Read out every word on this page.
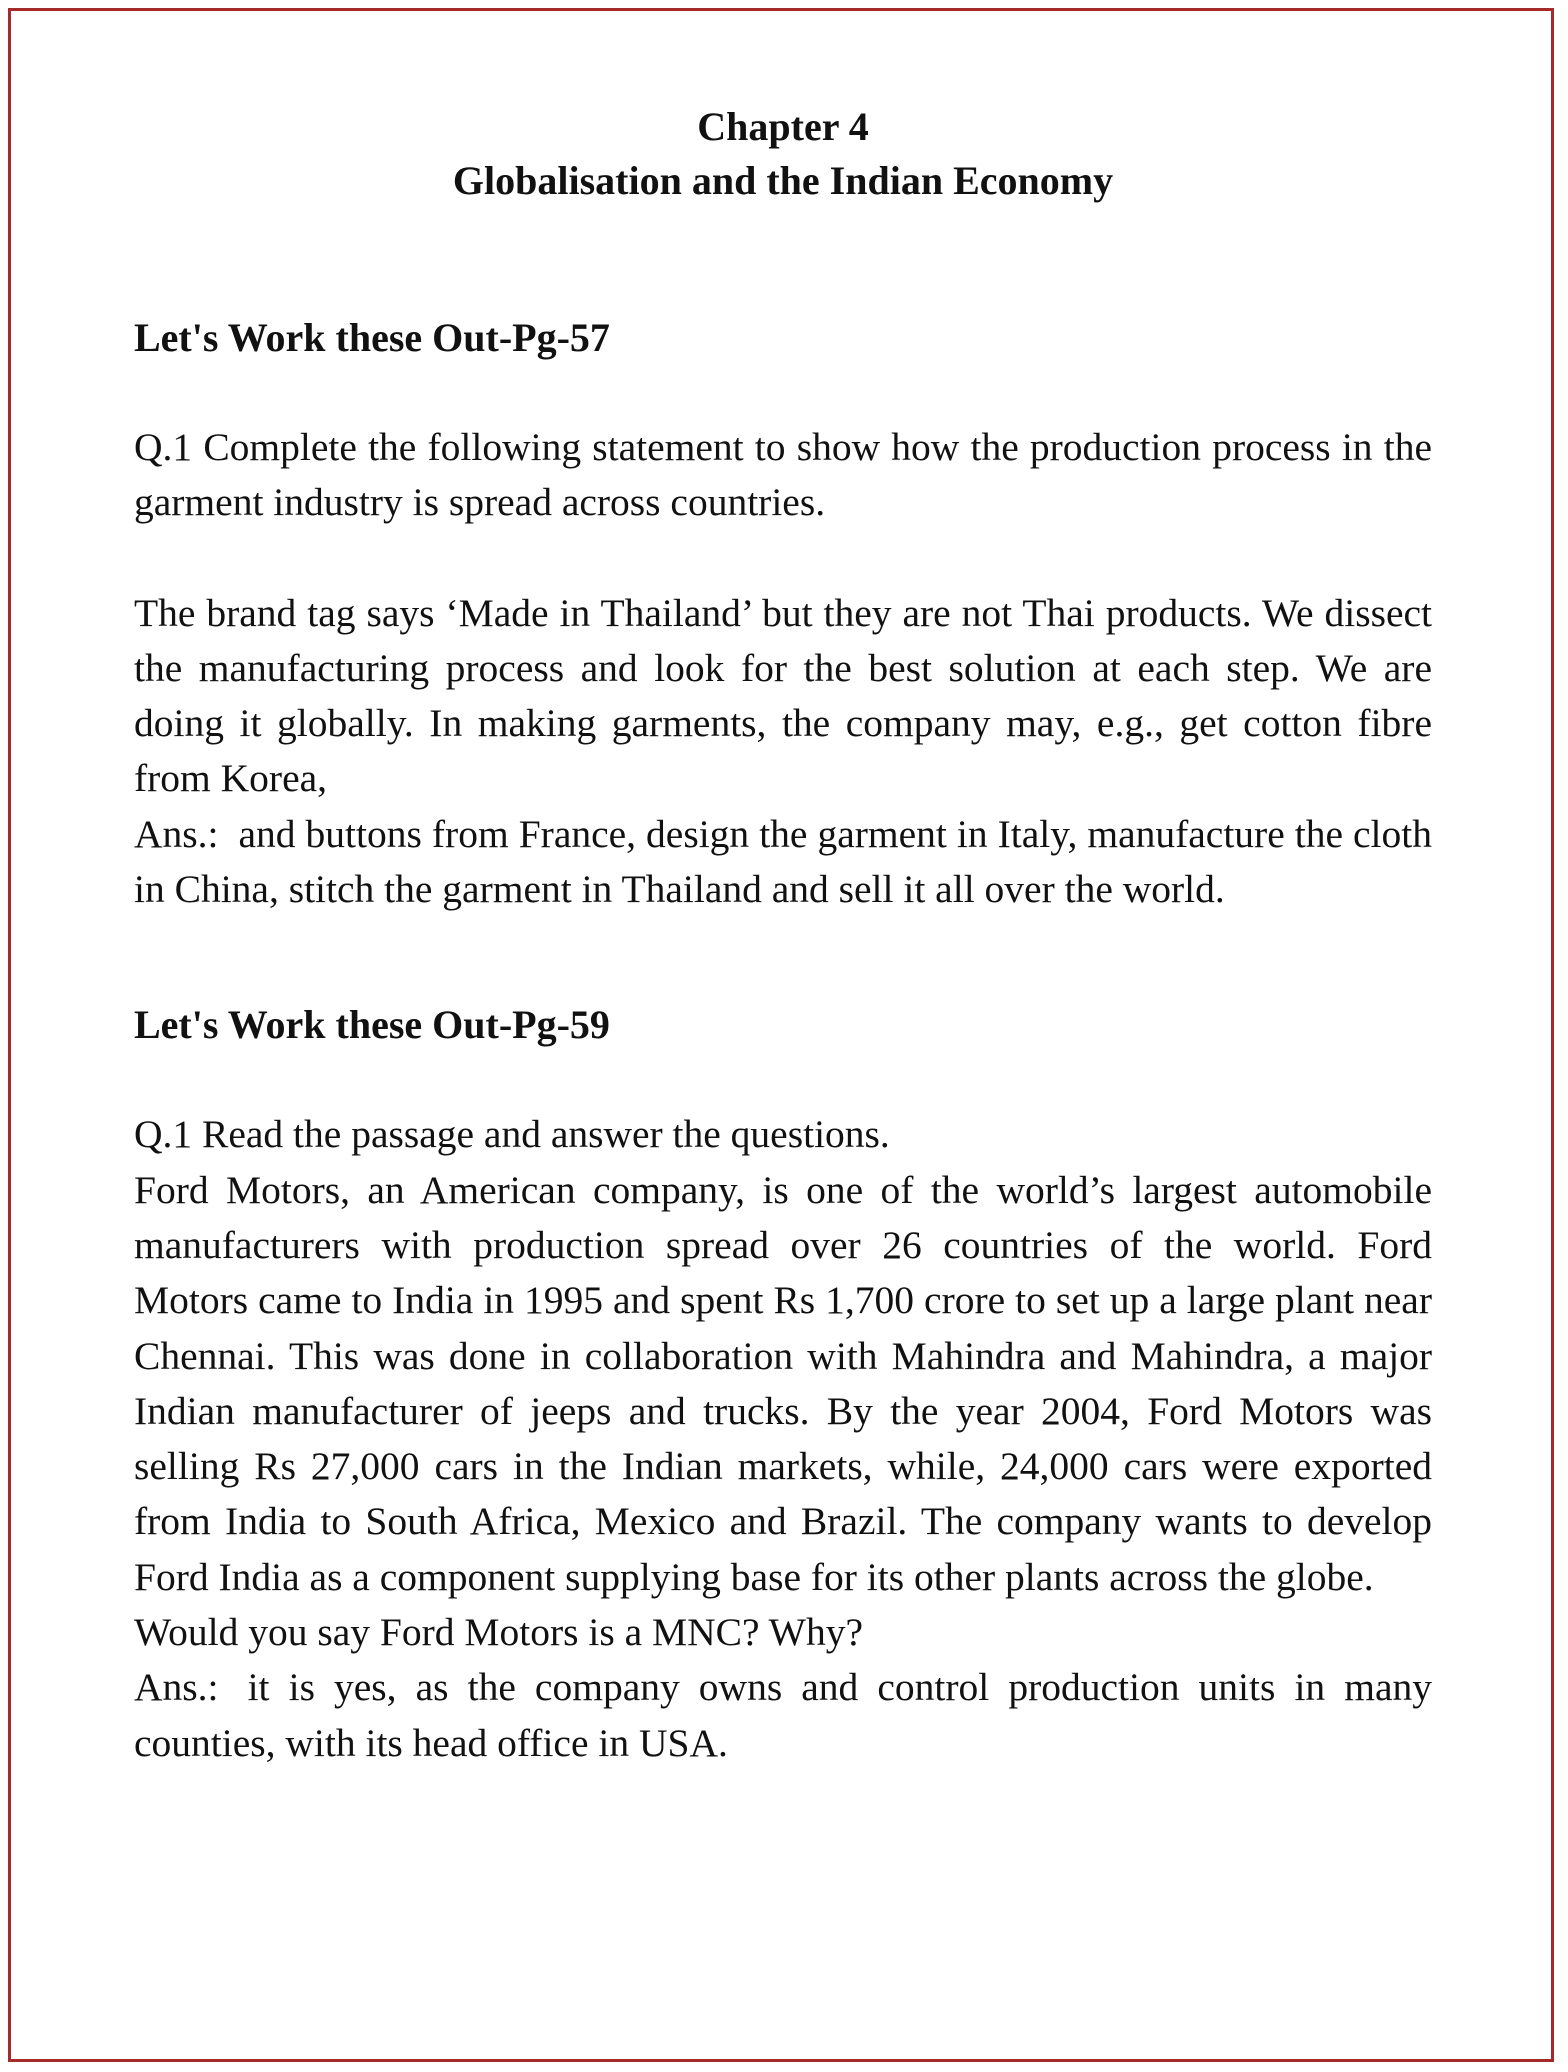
Chapter 4
Globalisation and the Indian Economy
Let's Work these Out-Pg-57

Q.1 Complete the following statement to show how the production process in the garment industry is spread across countries.

The brand tag says ‘Made in Thailand’ but they are not Thai products. We dissect the manufacturing process and look for the best solution at each step. We are doing it globally. In making garments, the company may, e.g., get cotton fibre from Korea,

Ans.: and buttons from France, design the garment in Italy, manufacture the cloth in China, stitch the garment in Thailand and sell it all over the world.

Let's Work these Out-Pg-59

Q.1 Read the passage and answer the questions.

Ford Motors, an American company, is one of the world’s largest automobile manufacturers with production spread over 26 countries of the world. Ford Motors came to India in 1995 and spent Rs 1,700 crore to set up a large plant near Chennai. This was done in collaboration with Mahindra and Mahindra, a major Indian manufacturer of jeeps and trucks. By the year 2004, Ford Motors was selling Rs 27,000 cars in the Indian markets, while, 24,000 cars were exported from India to South Africa, Mexico and Brazil. The company wants to develop Ford India as a component supplying base for its other plants across the globe.

Would you say Ford Motors is a MNC? Why?

Ans.: it is yes, as the company owns and control production units in many counties, with its head office in USA.
